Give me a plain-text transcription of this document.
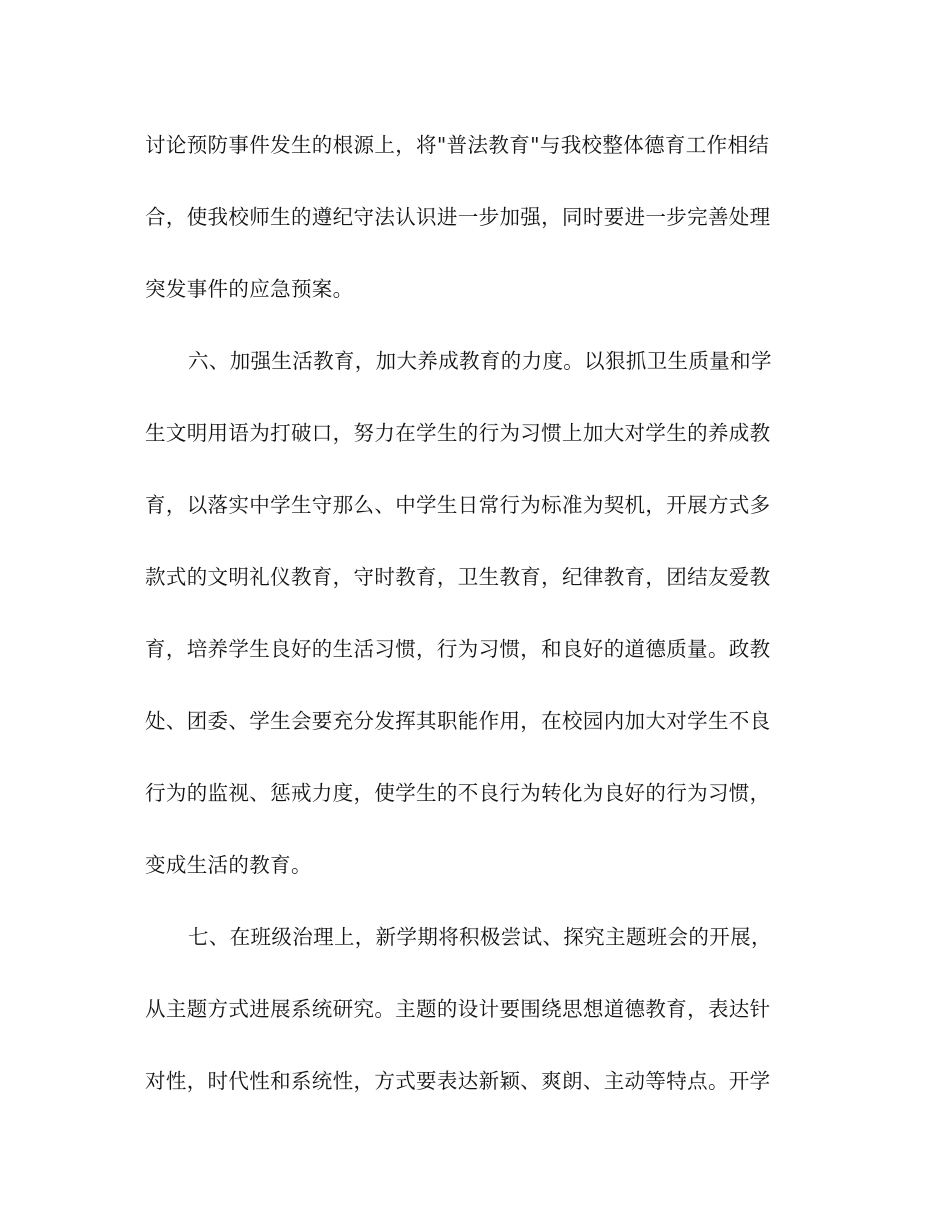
讨论预防事件发生的根源上，将"普法教育"与我校整体德育工作相结
合，使我校师生的遵纪守法认识进一步加强，同时要进一步完善处理
突发事件的应急预案。
六、加强生活教育，加大养成教育的力度。以狠抓卫生质量和学
生文明用语为打破口，努力在学生的行为习惯上加大对学生的养成教
育，以落实中学生守那么、中学生日常行为标准为契机，开展方式多
款式的文明礼仪教育，守时教育，卫生教育，纪律教育，团结友爱教
育，培养学生良好的生活习惯，行为习惯，和良好的道德质量。政教
处、团委、学生会要充分发挥其职能作用，在校园内加大对学生不良
行为的监视、惩戒力度，使学生的不良行为转化为良好的行为习惯，
变成生活的教育。
七、在班级治理上，新学期将积极尝试、探究主题班会的开展，
从主题方式进展系统研究。主题的设计要围绕思想道德教育，表达针
对性，时代性和系统性，方式要表达新颖、爽朗、主动等特点。开学
